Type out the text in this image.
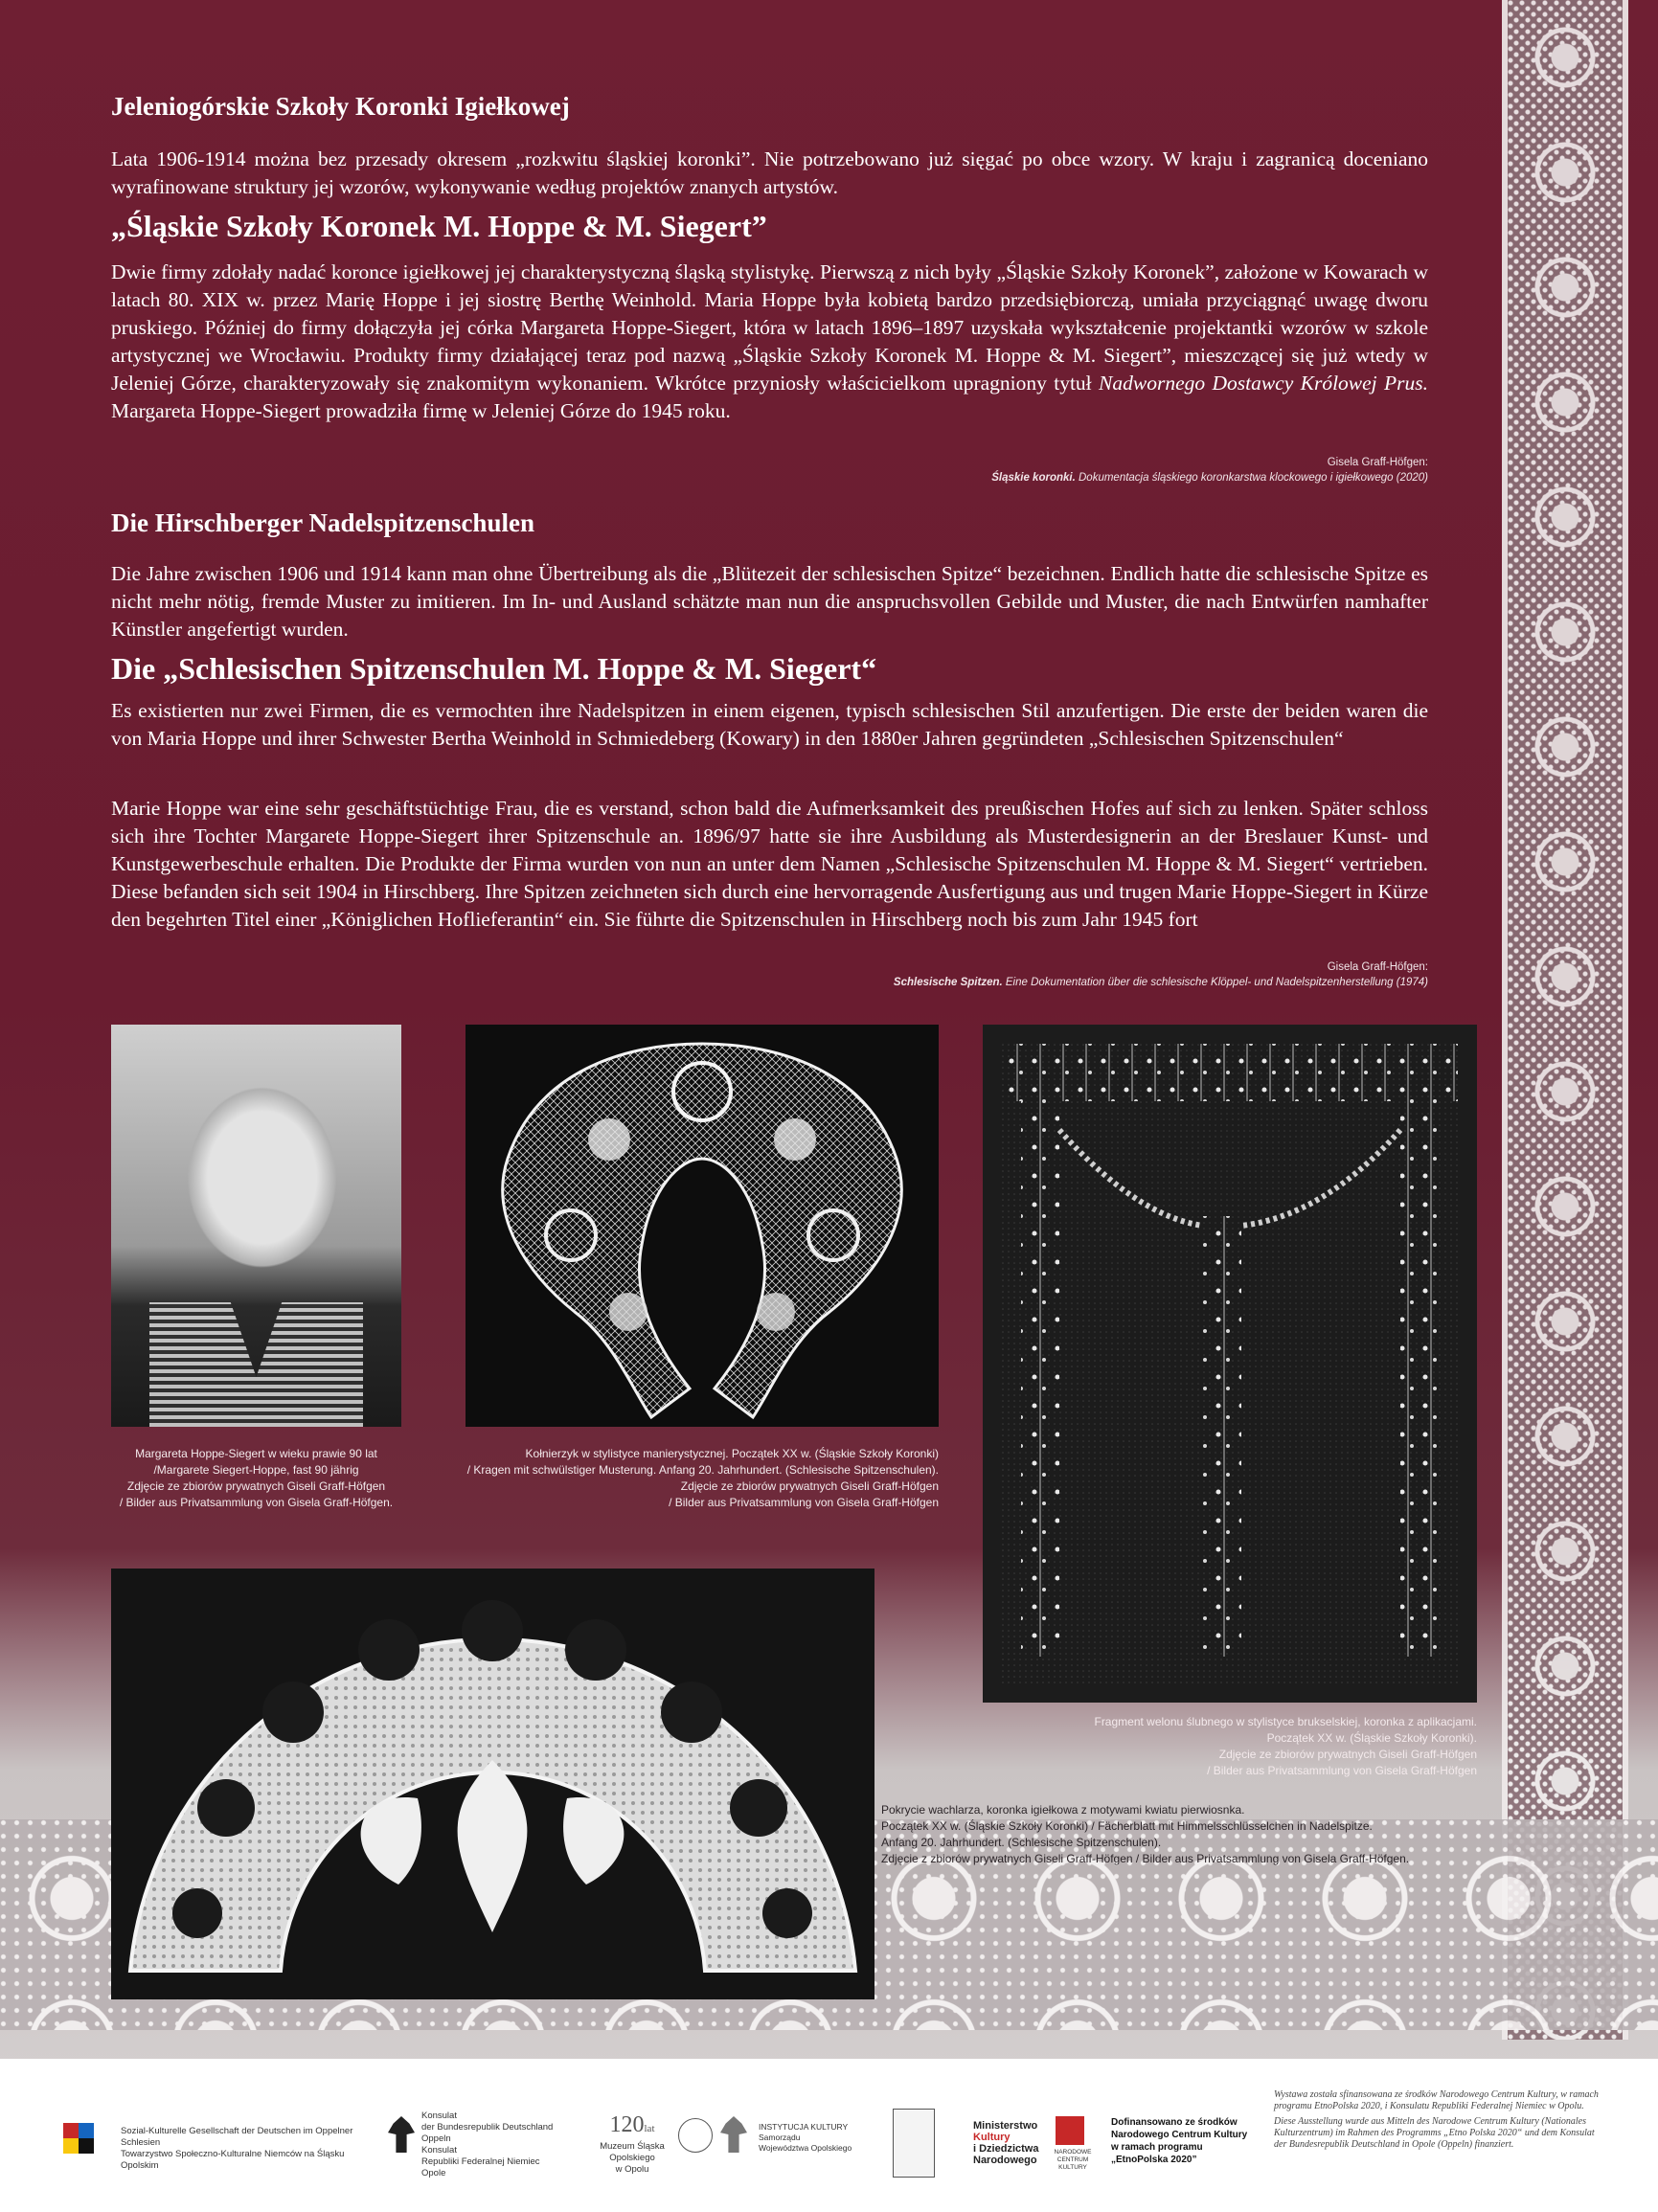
Jeleniogórskie Szkoły Koronki Igiełkowej

Lata 1906-1914 można bez przesady okresem „rozkwitu śląskiej koronki”. Nie potrzebowano już sięgać po obce wzory. W kraju i zagranicą doceniano wyrafinowane struktury jej wzorów, wykonywanie według projektów znanych artystów.

„Śląskie Szkoły Koronek M. Hoppe & M. Siegert”

Dwie firmy zdołały nadać koronce igiełkowej jej charakterystyczną śląską stylistykę. Pierwszą z nich były „Śląskie Szkoły Koronek”, założone w Kowarach w latach 80. XIX w. przez Marię Hoppe i jej siostrę Berthę Weinhold. Maria Hoppe była kobietą bardzo przedsiębiorczą, umiała przyciągnąć uwagę dworu pruskiego. Później do firmy dołączyła jej córka Margareta Hoppe-Siegert, która w latach 1896–1897 uzyskała wykształcenie projektantki wzorów w szkole artystycznej we Wrocławiu. Produkty firmy działającej teraz pod nazwą „Śląskie Szkoły Koronek M. Hoppe & M. Siegert”, mieszczącej się już wtedy w Jeleniej Górze, charakteryzowały się znakomitym wykonaniem. Wkrótce przyniosły właścicielkom upragniony tytuł Nadwornego Dostawcy Królowej Prus. Margareta Hoppe-Siegert prowadziła firmę w Jeleniej Górze do 1945 roku.

Gisela Graff-Höfgen:
Śląskie koronki. Dokumentacja śląskiego koronkarstwa klockowego i igiełkowego (2020)
Die Hirschberger Nadelspitzenschulen

Die Jahre zwischen 1906 und 1914 kann man ohne Übertreibung als die „Blütezeit der schlesischen Spitze“ bezeichnen. Endlich hatte die schlesische Spitze es nicht mehr nötig, fremde Muster zu imitieren. Im In- und Ausland schätzte man nun die anspruchsvollen Gebilde und Muster, die nach Entwürfen namhafter Künstler angefertigt wurden.

Die „Schlesischen Spitzenschulen M. Hoppe & M. Siegert“

Es existierten nur zwei Firmen, die es vermochten ihre Nadelspitzen in einem eigenen, typisch schlesischen Stil anzufertigen. Die erste der beiden waren die von Maria Hoppe und ihrer Schwester Bertha Weinhold in Schmiedeberg (Kowary) in den 1880er Jahren gegründeten „Schlesischen Spitzenschulen“

Marie Hoppe war eine sehr geschäftstüchtige Frau, die es verstand, schon bald die Aufmerksamkeit des preußischen Hofes auf sich zu lenken. Später schloss sich ihre Tochter Margarete Hoppe-Siegert ihrer Spitzenschule an. 1896/97 hatte sie ihre Ausbildung als Musterdesignerin an der Breslauer Kunst- und Kunstgewerbeschule erhalten. Die Produkte der Firma wurden von nun an unter dem Namen „Schlesische Spitzenschulen M. Hoppe & M. Siegert“ vertrieben. Diese befanden sich seit 1904 in Hirschberg. Ihre Spitzen zeichneten sich durch eine hervorragende Ausfertigung aus und trugen Marie Hoppe-Siegert in Kürze den begehrten Titel einer „Königlichen Hoflieferantin“ ein. Sie führte die Spitzenschulen in Hirschberg noch bis zum Jahr 1945 fort

Gisela Graff-Höfgen:
Schlesische Spitzen. Eine Dokumentation über die schlesische Klöppel- und Nadelspitzenherstellung (1974)
Margareta Hoppe-Siegert w wieku prawie 90 lat
/Margarete Siegert-Hoppe, fast 90 jährig
Zdjęcie ze zbiorów prywatnych Giseli Graff-Höfgen
/ Bilder aus Privatsammlung von Gisela Graff-Höfgen.
Kołnierzyk w stylistyce manierystycznej. Początek XX w. (Śląskie Szkoły Koronki)
/ Kragen mit schwülstiger Musterung. Anfang 20. Jahrhundert. (Schlesische Spitzenschulen).
Zdjęcie ze zbiorów prywatnych Giseli Graff-Höfgen
/ Bilder aus Privatsammlung von Gisela Graff-Höfgen
Fragment welonu ślubnego w stylistyce brukselskiej, koronka z aplikacjami.
Początek XX w. (Śląskie Szkoły Koronki).
Zdjęcie ze zbiorów prywatnych Giseli Graff-Höfgen
/ Bilder aus Privatsammlung von Gisela Graff-Höfgen
Pokrycie wachlarza, koronka igiełkowa z motywami kwiatu pierwiosnka.
Początek XX w. (Śląskie Szkoły Koronki) / Fächerblatt mit Himmelsschlüsselchen in Nadelspitze.
Anfang 20. Jahrhundert. (Schlesische Spitzenschulen).
Zdjęcie z zbiorów prywatnych Giseli Graff-Höfgen / Bilder aus Privatsammlung von Gisela Graff-Höfgen.
Sozial-Kulturelle Gesellschaft der Deutschen im Oppelner Schlesien
Towarzystwo Społeczno-Kulturalne Niemców na Śląsku Opolskim
Konsulat
der Bundesrepublik Deutschland
Oppeln
Konsulat
Republiki Federalnej Niemiec
Opole
120lat
Muzeum Śląska Opolskiego
w Opolu
INSTYTUCJA KULTURY
Samorządu
Województwa Opolskiego
Ministerstwo
Kultury
i Dziedzictwa
Narodowego
NARODOWE
CENTRUM
KULTURY
Dofinansowano ze środków
Narodowego Centrum Kultury
w ramach programu
„EtnoPolska 2020”
Wystawa została sfinansowana ze środków Narodowego Centrum Kultury, w ramach programu EtnoPolska 2020, i Konsulatu Republiki Federalnej Niemiec w Opolu.
Diese Ausstellung wurde aus Mitteln des Narodowe Centrum Kultury (Nationales Kulturzentrum) im Rahmen des Programms „Etno Polska 2020“ und dem Konsulat der Bundesrepublik Deutschland in Opole (Oppeln) finanziert.
